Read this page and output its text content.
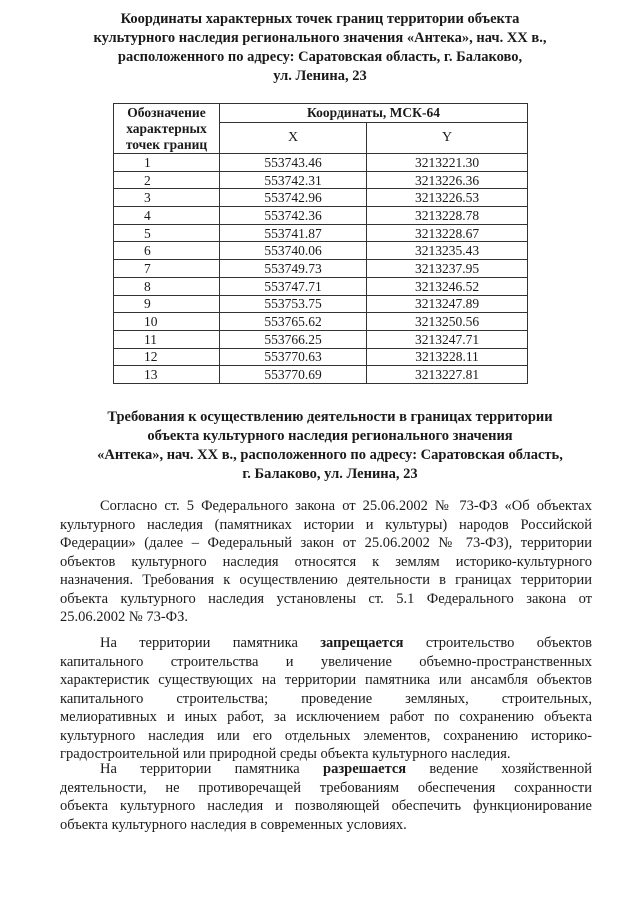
Координаты характерных точек границ территории объекта
культурного наследия регионального значения «Антека», нач. XX в.,
расположенного по адресу: Саратовская область, г. Балаково,
ул. Ленина, 23
Обозначение характерных точек границ	Координаты, МСК-64	
	X	Y
1	553743.46	3213221.30
2	553742.31	3213226.36
3	553742.96	3213226.53
4	553742.36	3213228.78
5	553741.87	3213228.67
6	553740.06	3213235.43
7	553749.73	3213237.95
8	553747.71	3213246.52
9	553753.75	3213247.89
10	553765.62	3213250.56
11	553766.25	3213247.71
12	553770.63	3213228.11
13	553770.69	3213227.81
Требования к осуществлению деятельности в границах территории
объекта культурного наследия регионального значения
«Антека», нач. XX в., расположенного по адресу: Саратовская область,
г. Балаково, ул. Ленина, 23
Согласно ст. 5 Федерального закона от 25.06.2002 № 73-ФЗ «Об объектах
культурного наследия (памятниках истории и культуры) народов Российской
Федерации» (далее – Федеральный закон от 25.06.2002 № 73-ФЗ), территории
объектов культурного наследия относятся к землям историко-культурного
назначения. Требования к осуществлению деятельности в границах территории
объекта культурного наследия установлены ст. 5.1 Федерального закона от
25.06.2002 № 73-ФЗ.
На территории памятника запрещается строительство объектов
капитального строительства и увеличение объемно-пространственных
характеристик существующих на территории памятника или ансамбля объектов
капитального строительства; проведение земляных, строительных,
мелиоративных и иных работ, за исключением работ по сохранению объекта
культурного наследия или его отдельных элементов, сохранению историко-
градостроительной или природной среды объекта культурного наследия.
На территории памятника разрешается ведение хозяйственной
деятельности, не противоречащей требованиям обеспечения сохранности
объекта культурного наследия и позволяющей обеспечить функционирование
объекта культурного наследия в современных условиях.
